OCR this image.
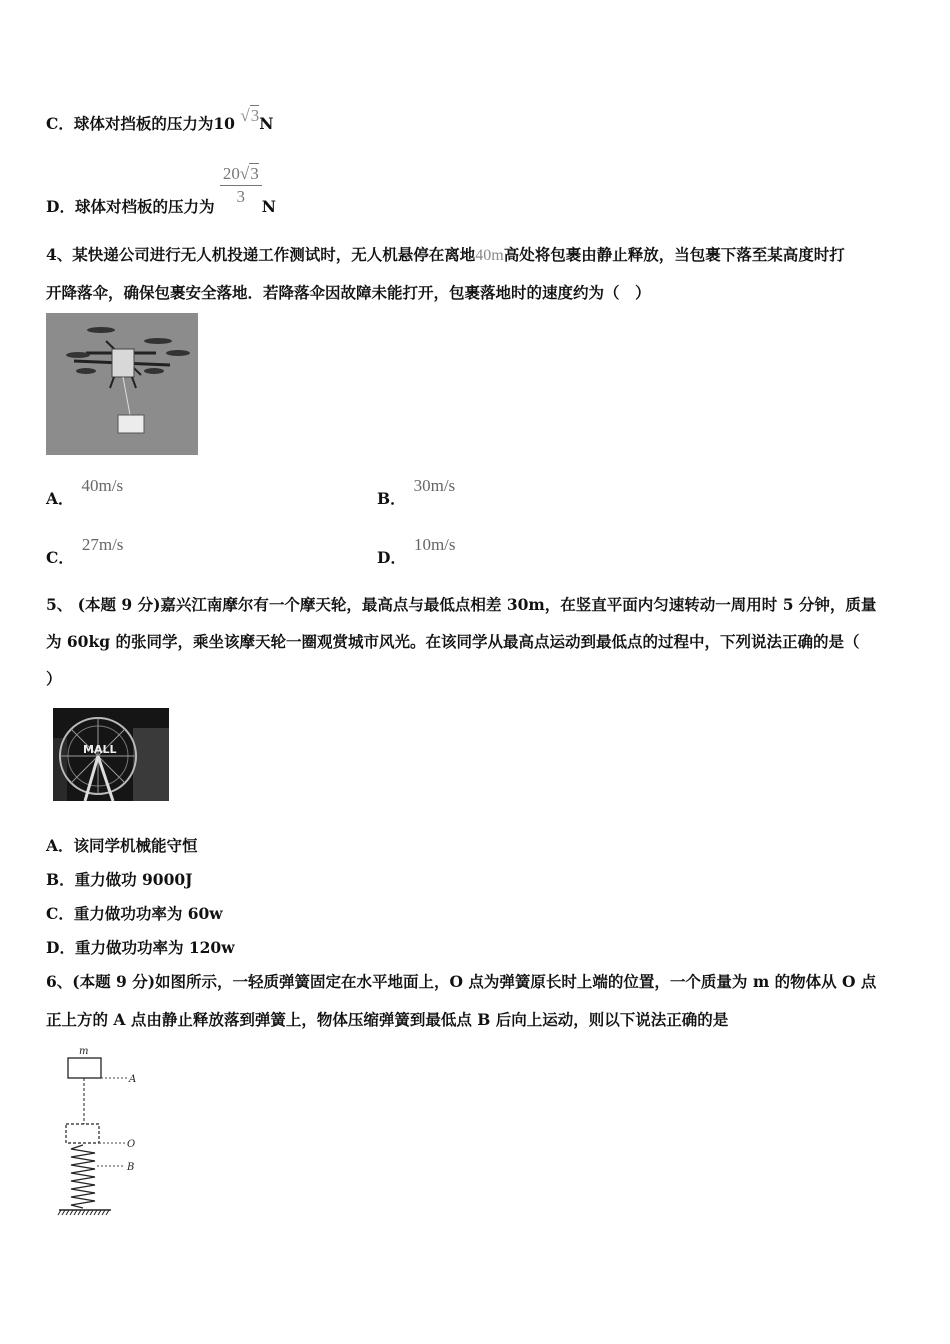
C．球体对挡板的压力为10 √3N
D．球体对档板的压力为 $\frac{20√3}{3}$ N
4、某快递公司进行无人机投递工作测试时，无人机悬停在离地40m高处将包裹由静止释放，当包裹下落至某高度时打
开降落伞，确保包裹安全落地．若降落伞因故障未能打开，包裹落地时的速度约为（　）
A．40m/s
B．30m/s
C．27m/s
D．10m/s
5、 (本题 9 分)嘉兴江南摩尔有一个摩天轮，最高点与最低点相差 30m，在竖直平面内匀速转动一周用时 5 分钟，质量
为 60kg 的张同学，乘坐该摩天轮一圈观赏城市风光。在该同学从最高点运动到最低点的过程中，下列说法正确的是（
）
MALL
A．该同学机械能守恒
B．重力做功 9000J
C．重力做功功率为 60w
D．重力做功功率为 120w
6、(本题 9 分)如图所示，一轻质弹簧固定在水平地面上，O 点为弹簧原长时上端的位置，一个质量为 m 的物体从 O 点
正上方的 A 点由静止释放落到弹簧上，物体压缩弹簧到最低点 B 后向上运动，则以下说法正确的是
m
A
O
B
